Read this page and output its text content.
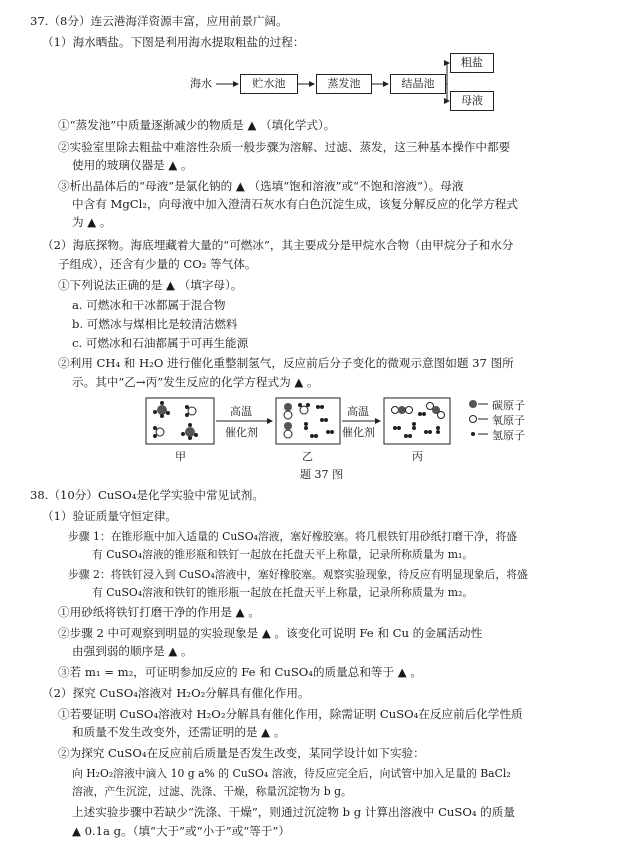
37.（8分）连云港海洋资源丰富，应用前景广阔。
（1）海水晒盐。下图是利用海水提取粗盐的过程：
海水	贮水池	蒸发池	结晶池
粗盐
母液
①“蒸发池”中质量逐渐减少的物质是 ▲ （填化学式）。
②实验室里除去粗盐中难溶性杂质一般步骤为溶解、过滤、蒸发，这三种基本操作中都要
使用的玻璃仪器是 ▲ 。
③析出晶体后的“母液”是氯化钠的 ▲ （选填“饱和溶液”或“不饱和溶液”）。母液
中含有 MgCl₂，向母液中加入澄清石灰水有白色沉淀生成，该复分解反应的化学方程式
为 ▲ 。
（2）海底探物。海底埋藏着大量的“可燃冰”，其主要成分是甲烷水合物（由甲烷分子和水分
子组成），还含有少量的 CO₂ 等气体。
①下列说法正确的是 ▲ （填字母）。
a. 可燃冰和干冰都属于混合物
b. 可燃冰与煤相比是较清洁燃料
c. 可燃冰和石油都属于可再生能源
②利用 CH₄ 和 H₂O 进行催化重整制氢气，反应前后分子变化的微观示意图如题 37 图所
示。其中“乙→丙”发生反应的化学方程式为 ▲ 。
高温
催化剂
高温
催化剂
甲	乙	丙
碳原子
氧原子
氢原子
题 37 图
38.（10分）CuSO₄是化学实验中常见试剂。
（1）验证质量守恒定律。
步骤 1：在锥形瓶中加入适量的 CuSO₄溶液，塞好橡胶塞。将几根铁钉用砂纸打磨干净，将盛
有 CuSO₄溶液的锥形瓶和铁钉一起放在托盘天平上称量，记录所称质量为 m₁。
步骤 2：将铁钉浸入到 CuSO₄溶液中，塞好橡胶塞。观察实验现象，待反应有明显现象后，将盛
有 CuSO₄溶液和铁钉的锥形瓶一起放在托盘天平上称量，记录所称质量为 m₂。
①用砂纸将铁钉打磨干净的作用是 ▲ 。
②步骤 2 中可观察到明显的实验现象是 ▲ 。该变化可说明 Fe 和 Cu 的金属活动性
由强到弱的顺序是 ▲ 。
③若 m₁ = m₂，可证明参加反应的 Fe 和 CuSO₄的质量总和等于 ▲ 。
（2）探究 CuSO₄溶液对 H₂O₂分解具有催化作用。
①若要证明 CuSO₄溶液对 H₂O₂分解具有催化作用，除需证明 CuSO₄在反应前后化学性质
和质量不发生改变外，还需证明的是 ▲ 。
②为探究 CuSO₄在反应前后质量是否发生改变，某同学设计如下实验：
向 H₂O₂溶液中滴入 10 g a% 的 CuSO₄ 溶液，待反应完全后，向试管中加入足量的 BaCl₂
溶液，产生沉淀，过滤、洗涤、干燥，称量沉淀物为 b g。
上述实验步骤中若缺少“洗涤、干燥”，则通过沉淀物 b g 计算出溶液中 CuSO₄ 的质量
▲ 0.1a g。（填“大于”或“小于”或“等于”）
